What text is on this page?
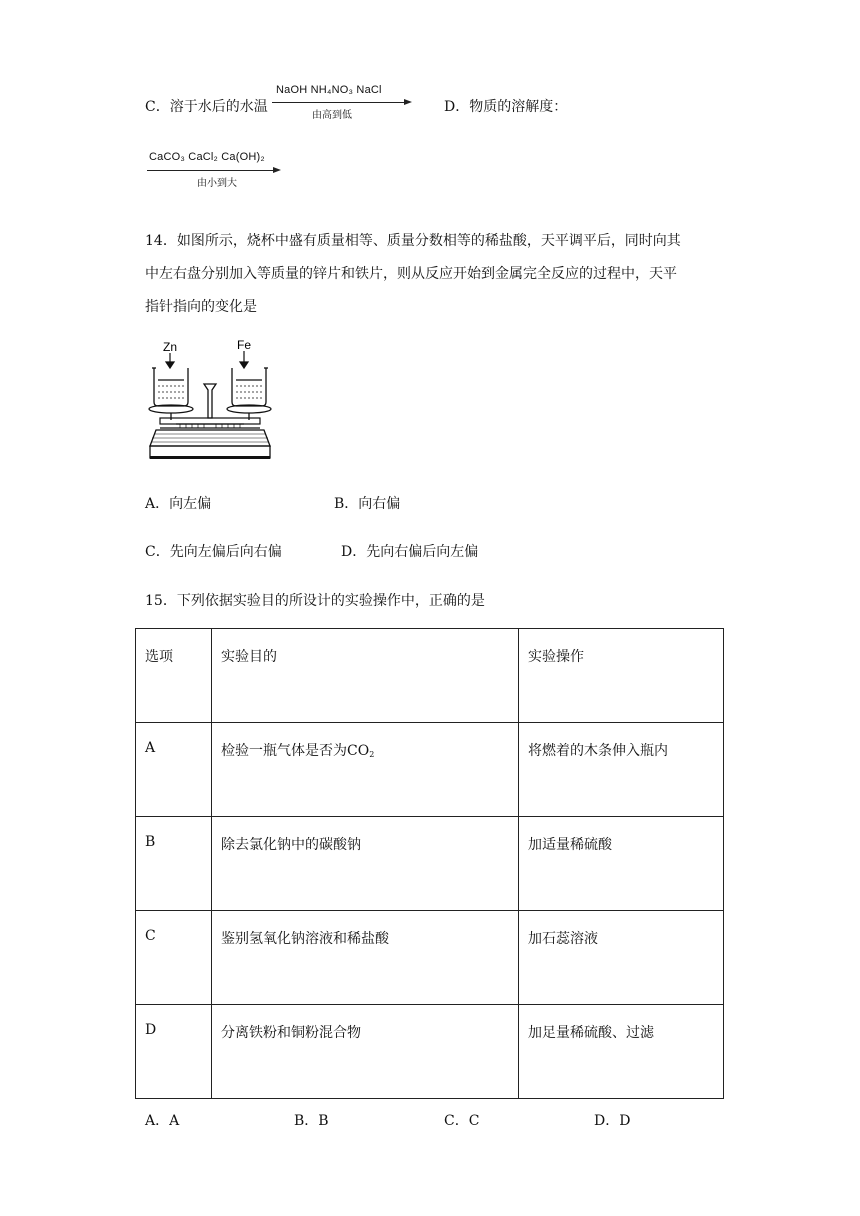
C．溶于水后的水温
NaOH NH₄NO₃ NaCl
由高到低
D．物质的溶解度：
CaCO₃ CaCl₂ Ca(OH)₂
由小到大
14．如图所示，烧杯中盛有质量相等、质量分数相等的稀盐酸，天平调平后，同时向其
中左右盘分别加入等质量的锌片和铁片，则从反应开始到金属完全反应的过程中，天平
指针指向的变化是
Zn	Fe
A．向左偏	B．向右偏
C．先向左偏后向右偏	D．先向右偏后向左偏
15．下列依据实验目的所设计的实验操作中，正确的是
选项	实验目的	实验操作
A	检验一瓶气体是否为$CO_2$	将燃着的木条伸入瓶内
B	除去氯化钠中的碳酸钠	加适量稀硫酸
C	鉴别氢氧化钠溶液和稀盐酸	加石蕊溶液
D	分离铁粉和铜粉混合物	加足量稀硫酸、过滤
A．A	B．B	C．C	D．D
